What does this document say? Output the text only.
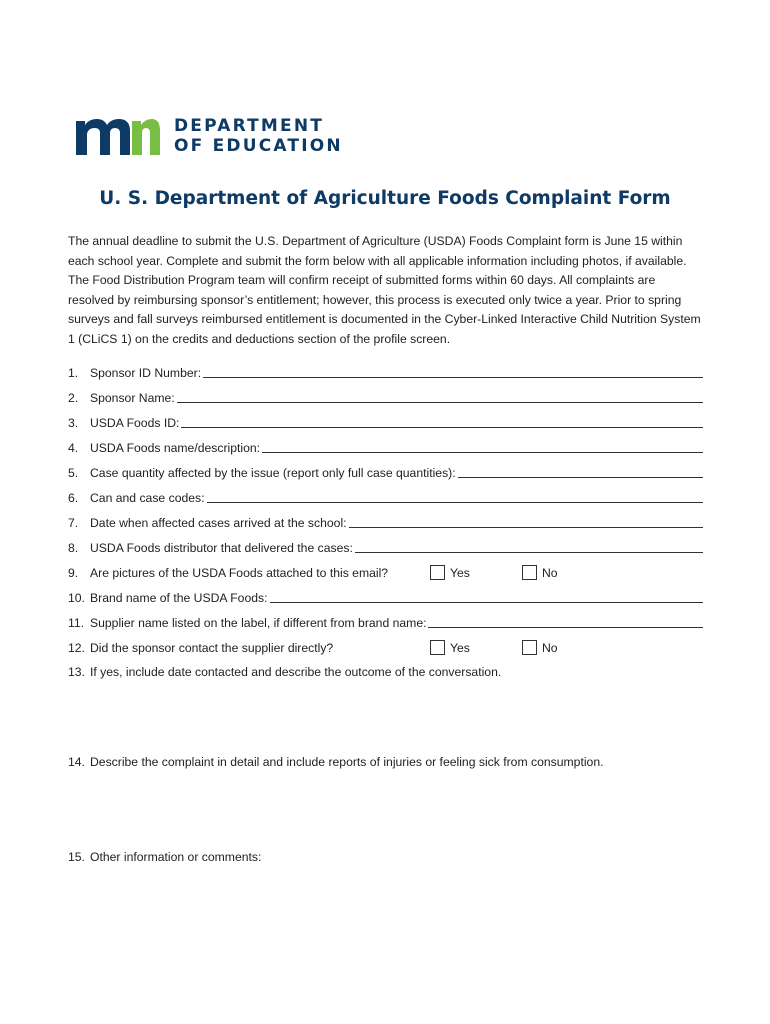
DEPARTMENT
OF EDUCATION
U. S. Department of Agriculture Foods Complaint Form
The annual deadline to submit the U.S. Department of Agriculture (USDA) Foods Complaint form is June 15 within each school year. Complete and submit the form below with all applicable information including photos, if available. The Food Distribution Program team will confirm receipt of submitted forms within 60 days. All complaints are resolved by reimbursing sponsor’s entitlement; however, this process is executed only twice a year. Prior to spring surveys and fall surveys reimbursed entitlement is documented in the Cyber-Linked Interactive Child Nutrition System 1 (CLiCS 1) on the credits and deductions section of the profile screen.
1. Sponsor ID Number:
2. Sponsor Name:
3. USDA Foods ID:
4. USDA Foods name/description:
5. Case quantity affected by the issue (report only full case quantities):
6. Can and case codes:
7. Date when affected cases arrived at the school:
8. USDA Foods distributor that delivered the cases:
9. Are pictures of the USDA Foods attached to this email?	Yes	No
10. Brand name of the USDA Foods:
11. Supplier name listed on the label, if different from brand name:
12. Did the sponsor contact the supplier directly?	Yes	No
13. If yes, include date contacted and describe the outcome of the conversation.
14. Describe the complaint in detail and include reports of injuries or feeling sick from consumption.
15. Other information or comments:
